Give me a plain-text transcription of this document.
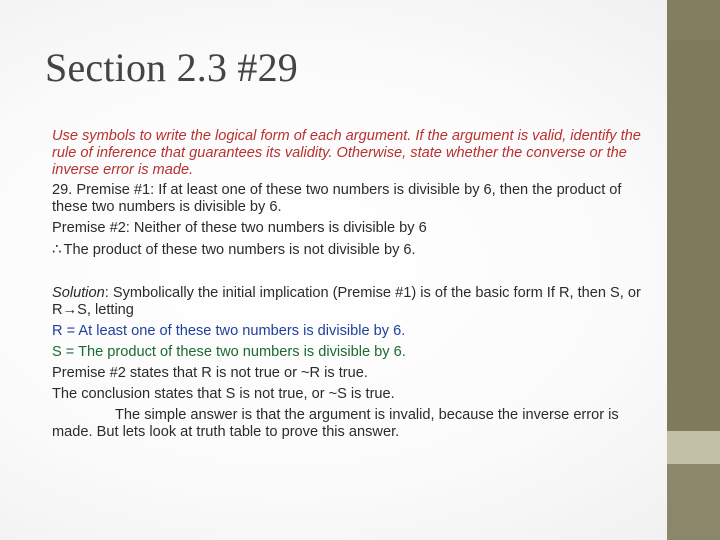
Section 2.3 #29

Use symbols to write the logical form of each argument. If the argument is valid, identify the rule of inference that guarantees its validity. Otherwise, state whether the converse or the inverse error is made.

29. Premise #1: If at least one of these two numbers is divisible by 6, then the product of these two numbers is divisible by 6.

Premise #2: Neither of these two numbers is divisible by 6

∴ The product of these two numbers is not divisible by 6.

Solution: Symbolically the initial implication (Premise #1) is of the basic form If R, then S, or R→S, letting

R = At least one of these two numbers is divisible by 6.

S = The product of these two numbers is divisible by 6.

Premise #2 states that R is not true or ~R is true.

The conclusion states that S is not true, or ~S is true.

The simple answer is that the argument is invalid, because the inverse error is made. But lets look at truth table to prove this answer.
